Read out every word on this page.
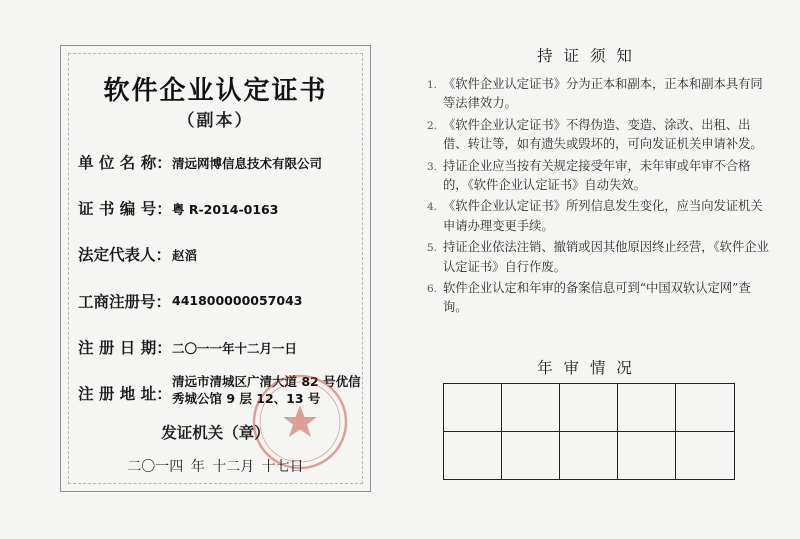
软件企业认定证书
（副本）
单 位 名 称： 清远网博信息技术有限公司
证 书 编 号： 粤 R-2014-0163
法定代表人： 赵滔
工商注册号： 441800000057043
注 册 日 期： 二〇一一年十二月一日
注 册 地 址：
清远市清城区广清大道 82 号优信秀城公馆 9 层 12、13 号
发证机关（章）
二〇一四 年 十二月 十七日
持 证 须 知
1. 《软件企业认定证书》分为正本和副本，正本和副本具有同等法律效力。
2. 《软件企业认定证书》不得伪造、变造、涂改、出租、出借、转让等，如有遗失或毁坏的，可向发证机关申请补发。
3. 持证企业应当按有关规定接受年审，未年审或年审不合格的，《软件企业认定证书》自动失效。
4. 《软件企业认定证书》所列信息发生变化，应当向发证机关申请办理变更手续。
5. 持证企业依法注销、撤销或因其他原因终止经营，《软件企业认定证书》自行作废。
6. 软件企业认定和年审的备案信息可到“中国双软认定网”查询。
年 审 情 况
